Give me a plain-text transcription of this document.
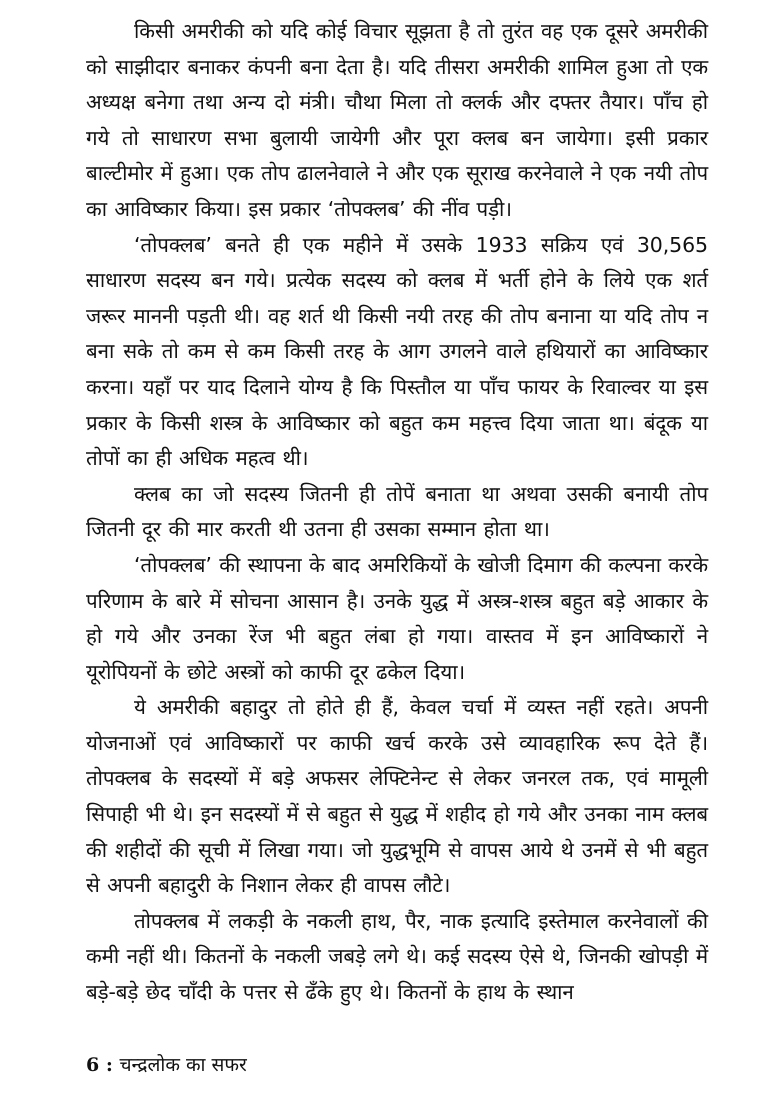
किसी अमरीकी को यदि कोई विचार सूझता है तो तुरंत वह एक दूसरे अमरीकी को साझीदार बनाकर कंपनी बना देता है। यदि तीसरा अमरीकी शामिल हुआ तो एक अध्यक्ष बनेगा तथा अन्य दो मंत्री। चौथा मिला तो क्लर्क और दफ्तर तैयार। पाँच हो गये तो साधारण सभा बुलायी जायेगी और पूरा क्लब बन जायेगा। इसी प्रकार बाल्टीमोर में हुआ। एक तोप ढालनेवाले ने और एक सूराख करनेवाले ने एक नयी तोप का आविष्कार किया। इस प्रकार ‘तोपक्लब’ की नींव पड़ी।

‘तोपक्लब’ बनते ही एक महीने में उसके 1933 सक्रिय एवं 30,565 साधारण सदस्य बन गये। प्रत्येक सदस्य को क्लब में भर्ती होने के लिये एक शर्त जरूर माननी पड़ती थी। वह शर्त थी किसी नयी तरह की तोप बनाना या यदि तोप न बना सके तो कम से कम किसी तरह के आग उगलने वाले हथियारों का आविष्कार करना। यहाँ पर याद दिलाने योग्य है कि पिस्तौल या पाँच फायर के रिवाल्वर या इस प्रकार के किसी शस्त्र के आविष्कार को बहुत कम महत्त्व दिया जाता था। बंदूक या तोपों का ही अधिक महत्व थी।

क्लब का जो सदस्य जितनी ही तोपें बनाता था अथवा उसकी बनायी तोप जितनी दूर की मार करती थी उतना ही उसका सम्मान होता था।

‘तोपक्लब’ की स्थापना के बाद अमरिकियों के खोजी दिमाग की कल्पना करके परिणाम के बारे में सोचना आसान है। उनके युद्ध में अस्त्र-शस्त्र बहुत बड़े आकार के हो गये और उनका रेंज भी बहुत लंबा हो गया। वास्तव में इन आविष्कारों ने यूरोपियनों के छोटे अस्त्रों को काफी दूर ढकेल दिया।

ये अमरीकी बहादुर तो होते ही हैं, केवल चर्चा में व्यस्त नहीं रहते। अपनी योजनाओं एवं आविष्कारों पर काफी खर्च करके उसे व्यावहारिक रूप देते हैं। तोपक्लब के सदस्यों में बड़े अफसर लेफ्टिनेन्ट से लेकर जनरल तक, एवं मामूली सिपाही भी थे। इन सदस्यों में से बहुत से युद्ध में शहीद हो गये और उनका नाम क्लब की शहीदों की सूची में लिखा गया। जो युद्धभूमि से वापस आये थे उनमें से भी बहुत से अपनी बहादुरी के निशान लेकर ही वापस लौटे।

तोपक्लब में लकड़ी के नकली हाथ, पैर, नाक इत्यादि इस्तेमाल करनेवालों की कमी नहीं थी। कितनों के नकली जबड़े लगे थे। कई सदस्य ऐसे थे, जिनकी खोपड़ी में बड़े-बड़े छेद चाँदी के पत्तर से ढँके हुए थे। कितनों के हाथ के स्थान

6 : चन्द्रलोक का सफर
